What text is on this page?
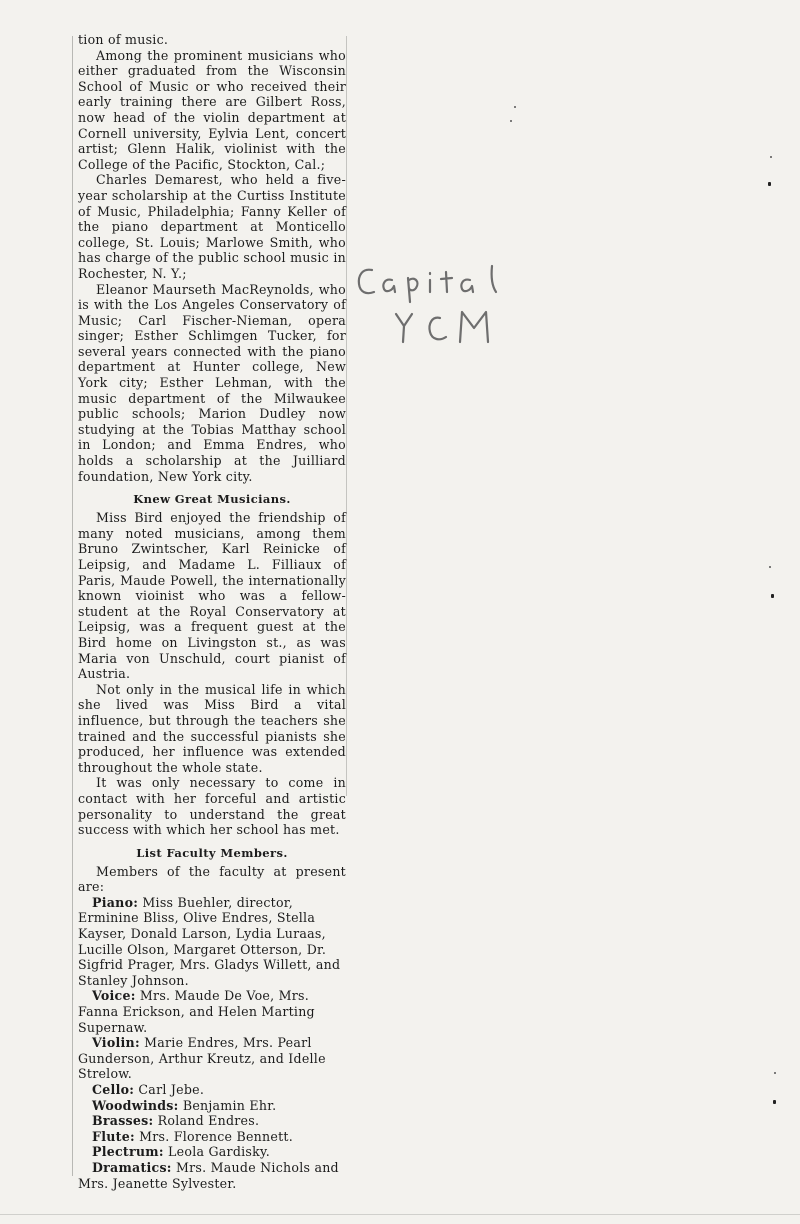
tion of music.

Among the prominent musicians who either graduated from the Wisconsin School of Music or who received their early training there are Gilbert Ross, now head of the violin department at Cornell university, Eylvia Lent, concert artist; Glenn Halik, violinist with the College of the Pacific, Stockton, Cal.;

Charles Demarest, who held a five-year scholarship at the Curtiss Institute of Music, Philadelphia; Fanny Keller of the piano department at Monticello college, St. Louis; Marlowe Smith, who has charge of the public school music in Rochester, N. Y.;

Eleanor Maurseth MacReynolds, who is with the Los Angeles Conservatory of Music; Carl Fischer-Nieman, opera singer; Esther Schlimgen Tucker, for several years connected with the piano department at Hunter college, New York city; Esther Lehman, with the music department of the Milwaukee public schools; Marion Dudley now studying at the Tobias Matthay school in London; and Emma Endres, who holds a scholarship at the Juilliard foundation, New York city.

Knew Great Musicians.

Miss Bird enjoyed the friendship of many noted musicians, among them Bruno Zwintscher, Karl Reinicke of Leipsig, and Madame L. Filliaux of Paris, Maude Powell, the internationally known vioinist who was a fellow-student at the Royal Conservatory at Leipsig, was a frequent guest at the Bird home on Livingston st., as was Maria von Unschuld, court pianist of Austria.

Not only in the musical life in which she lived was Miss Bird a vital influence, but through the teachers she trained and the successful pianists she produced, her influence was extended throughout the whole state.

It was only necessary to come in contact with her forceful and artistic personality to understand the great success with which her school has met.

List Faculty Members.

Members of the faculty at present are:

Piano: Miss Buehler, director, Erminine Bliss, Olive Endres, Stella Kayser, Donald Larson, Lydia Luraas, Lucille Olson, Margaret Otterson, Dr. Sigfrid Prager, Mrs. Gladys Willett, and Stanley Johnson.

Voice: Mrs. Maude De Voe, Mrs. Fanna Erickson, and Helen Marting Supernaw.

Violin: Marie Endres, Mrs. Pearl Gunderson, Arthur Kreutz, and Idelle Strelow.

Cello: Carl Jebe.

Woodwinds: Benjamin Ehr.

Brasses: Roland Endres.

Flute: Mrs. Florence Bennett.

Plectrum: Leola Gardisky.

Dramatics: Mrs. Maude Nichols and Mrs. Jeanette Sylvester.
